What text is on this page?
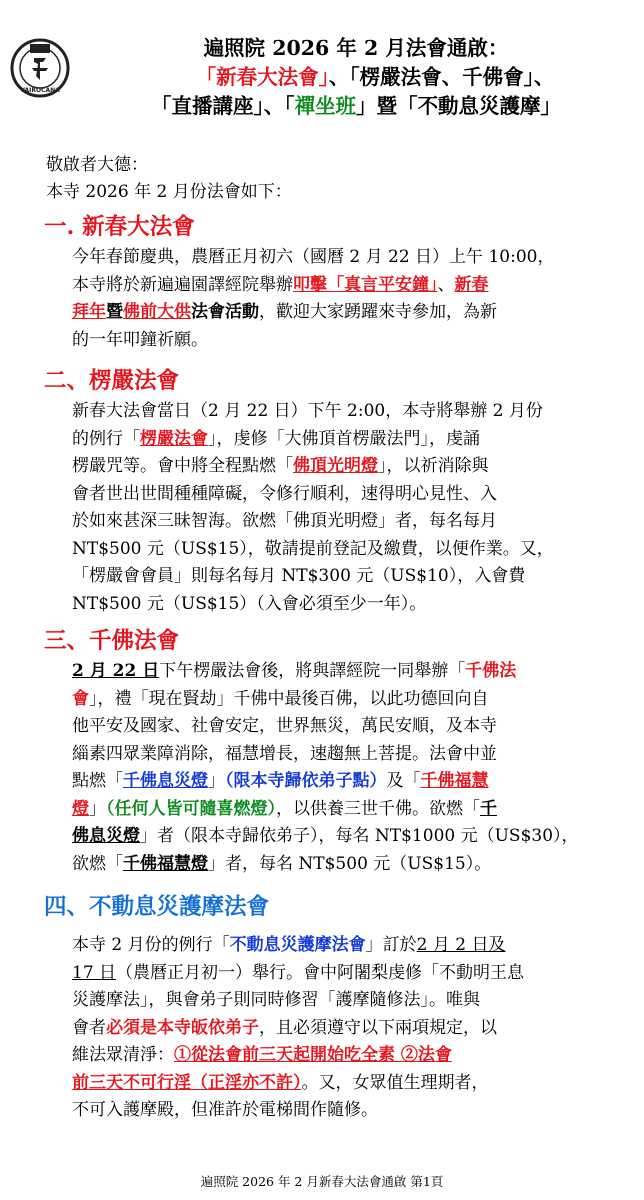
VAIROCANA
遍照院 2026 年 2 月法會通啟：
「新春大法會」、「楞嚴法會、千佛會」、
「直播講座」、「禪坐班」暨「不動息災護摩」
敬啟者大德：
本寺 2026 年 2 月份法會如下：
一. 新春大法會
今年春節慶典，農曆正月初六（國曆 2 月 22 日）上午 10:00，
本寺將於新遍遍園譯經院舉辦叩擊「真言平安鐘」、新春
拜年暨佛前大供法會活動，歡迎大家踴躍來寺參加，為新
的一年叩鐘祈願。
二、楞嚴法會
新春大法會當日（2 月 22 日）下午 2:00，本寺將舉辦 2 月份
的例行「楞嚴法會」，虔修「大佛頂首楞嚴法門」，虔誦
楞嚴咒等。會中將全程點燃「佛頂光明燈」，以祈消除與
會者世出世間種種障礙，令修行順利，速得明心見性、入
於如來甚深三昧智海。欲燃「佛頂光明燈」者，每名每月
NT$500 元（US$15），敬請提前登記及繳費，以便作業。又，
「楞嚴會會員」則每名每月 NT$300 元（US$10），入會費
NT$500 元（US$15）（入會必須至少一年）。
三、千佛法會
2 月 22 日下午楞嚴法會後，將與譯經院一同舉辦「千佛法
會」，禮「現在賢劫」千佛中最後百佛，以此功德回向自
他平安及國家、社會安定，世界無災，萬民安順，及本寺
緇素四眾業障消除，福慧增長，速趨無上菩提。法會中並
點燃「千佛息災燈」（限本寺歸依弟子點）及「千佛福慧
燈」（任何人皆可隨喜燃燈），以供養三世千佛。欲燃「千
佛息災燈」者（限本寺歸依弟子），每名 NT$1000 元（US$30），
欲燃「千佛福慧燈」者，每名 NT$500 元（US$15）。
四、不動息災護摩法會
本寺 2 月份的例行「不動息災護摩法會」訂於2 月 2 日及
17 日（農曆正月初一）舉行。會中阿闍梨虔修「不動明王息
災護摩法」，與會弟子則同時修習「護摩隨修法」。唯與
會者必須是本寺皈依弟子，且必須遵守以下兩項規定，以
維法眾清淨：①從法會前三天起開始吃全素 ②法會
前三天不可行淫（正淫亦不許）。又，女眾值生理期者，
不可入護摩殿，但准許於電梯間作隨修。
遍照院 2026 年 2 月新春大法會通啟 第1頁
